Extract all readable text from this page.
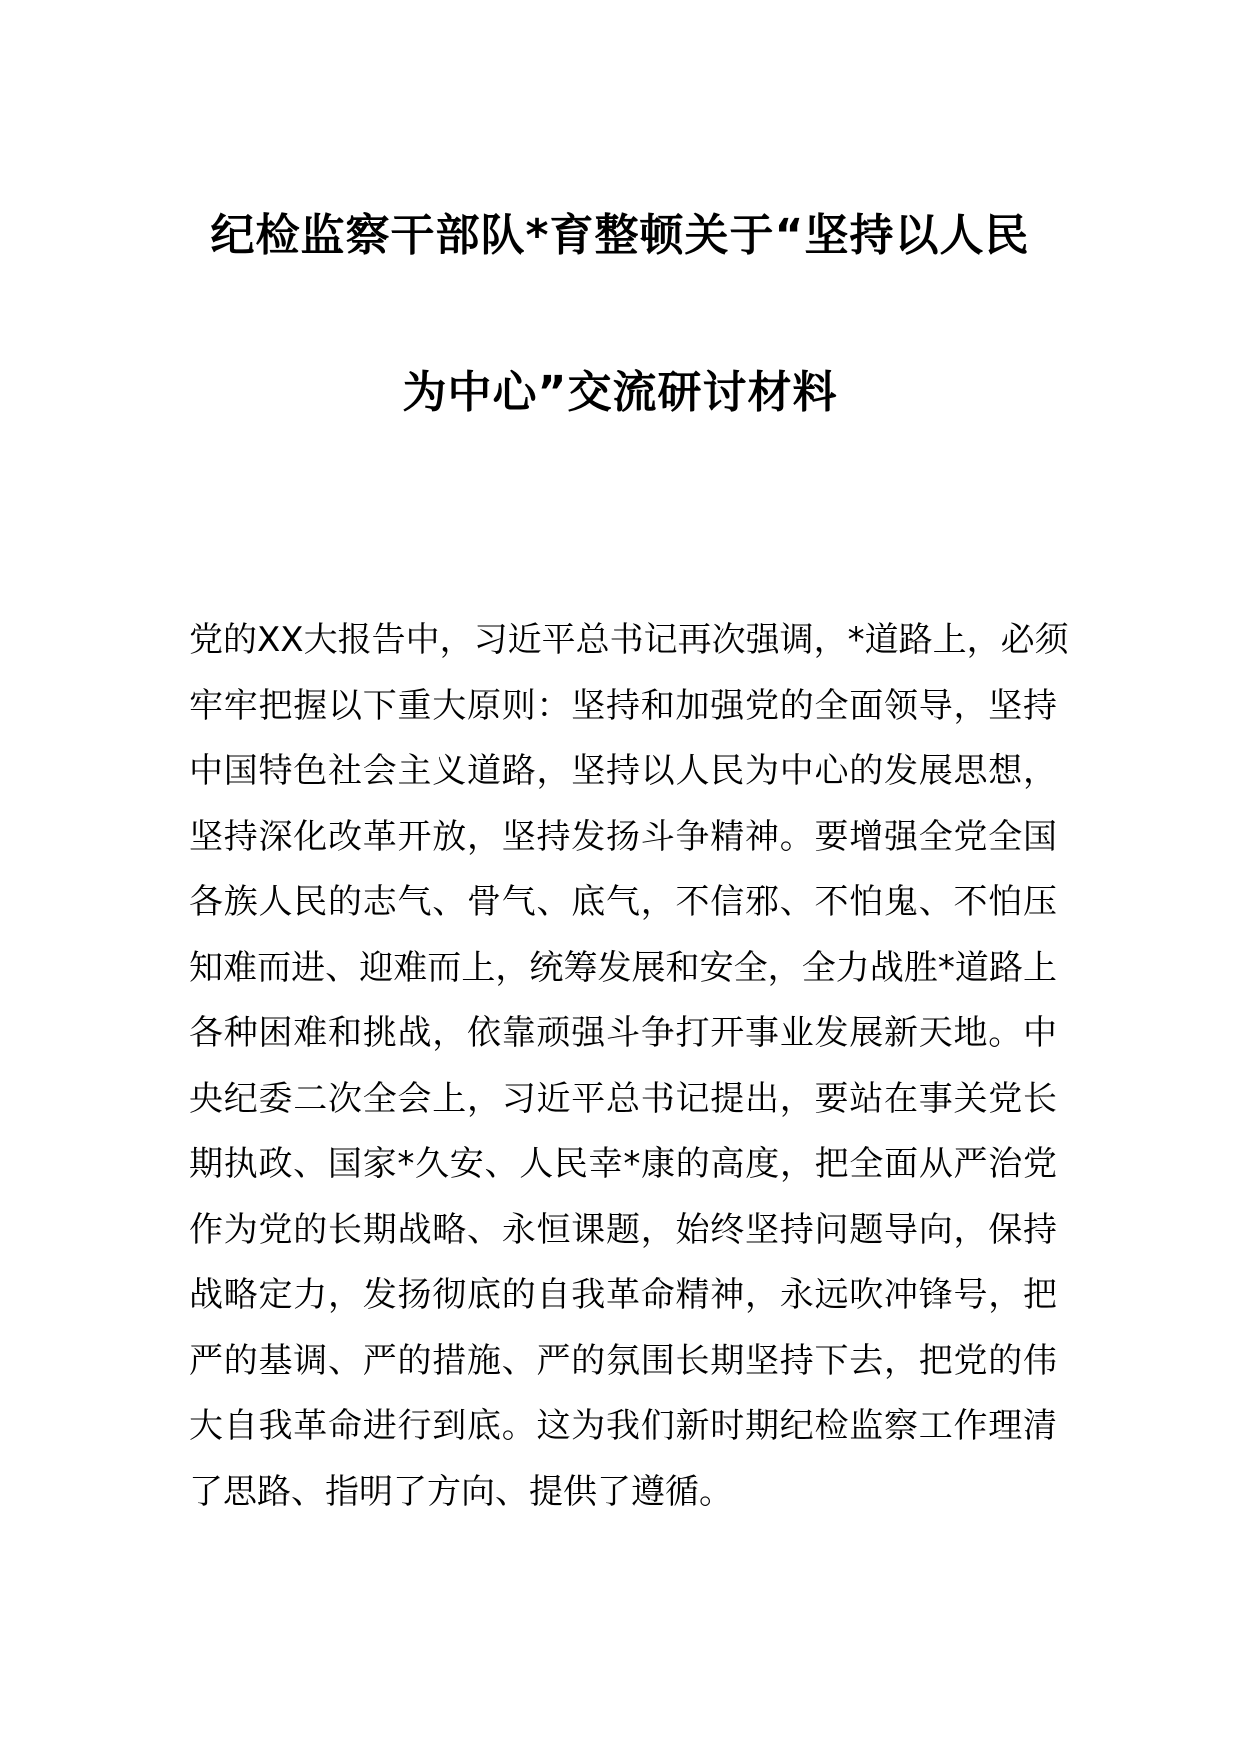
纪检监察干部队*育整顿关于“坚持以人民
为中心”交流研讨材料
党的XX大报告中，习近平总书记再次强调，*道路上，必须
牢牢把握以下重大原则：坚持和加强党的全面领导，坚持
中国特色社会主义道路，坚持以人民为中心的发展思想，
坚持深化改革开放，坚持发扬斗争精神。要增强全党全国
各族人民的志气、骨气、底气，不信邪、不怕鬼、不怕压
知难而进、迎难而上，统筹发展和安全，全力战胜*道路上
各种困难和挑战，依靠顽强斗争打开事业发展新天地。中
央纪委二次全会上，习近平总书记提出，要站在事关党长
期执政、国家*久安、人民幸*康的高度，把全面从严治党
作为党的长期战略、永恒课题，始终坚持问题导向，保持
战略定力，发扬彻底的自我革命精神，永远吹冲锋号，把
严的基调、严的措施、严的氛围长期坚持下去，把党的伟
大自我革命进行到底。这为我们新时期纪检监察工作理清
了思路、指明了方向、提供了遵循。
